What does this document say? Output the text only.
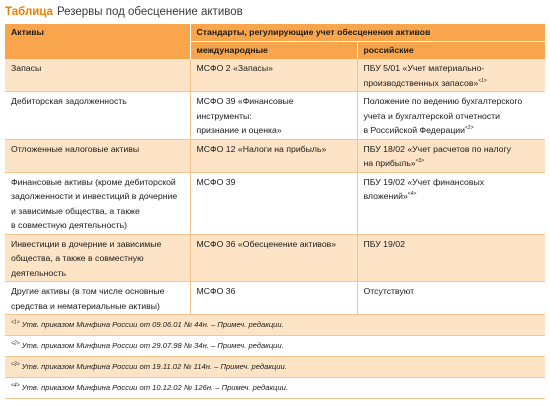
Таблица Резервы под обесценение активов
Активы	Стандарты, регулирующие учет обесценения активов	
	международные	российские
Запасы	МСФО 2 «Запасы»	ПБУ 5/01 «Учет материально-
производственных запасов»$^{<1>}$
Дебиторская задолженность	МСФО 39 «Финансовые инструменты:
признание и оценка»	Положение по ведению бухгалтерского
учета и бухгалтерской отчетности
в Российской Федерации$^{<2>}$
Отложенные налоговые активы	МСФО 12 «Налоги на прибыль»	ПБУ 18/02 «Учет расчетов по налогу
на прибыль»$^{<3>}$
Финансовые активы (кроме дебиторской
задолженности и инвестиций в дочерние
и зависимые общества, а также
в совместную деятельность)	МСФО 39	ПБУ 19/02 «Учет финансовых
вложений»$^{<4>}$
Инвестиции в дочерние и зависимые
общества, а также в совместную
деятельность	МСФО 36 «Обесценение активов»	ПБУ 19/02
Другие активы (в том числе основные
средства и нематериальные активы)	МСФО 36	Отсутствуют
$^{<1>}$ Утв. приказом Минфина России от 09.06.01 № 44н. – Примеч. редакции.		
$^{<2>}$ Утв. приказом Минфина России от 29.07.98 № 34н. – Примеч. редакции.		
$^{<3>}$ Утв. приказом Минфина России от 19.11.02 № 114н. – Примеч. редакции.		
$^{<4>}$ Утв. приказом Минфина России от 10.12.02 № 126н. – Примеч. редакции.		
